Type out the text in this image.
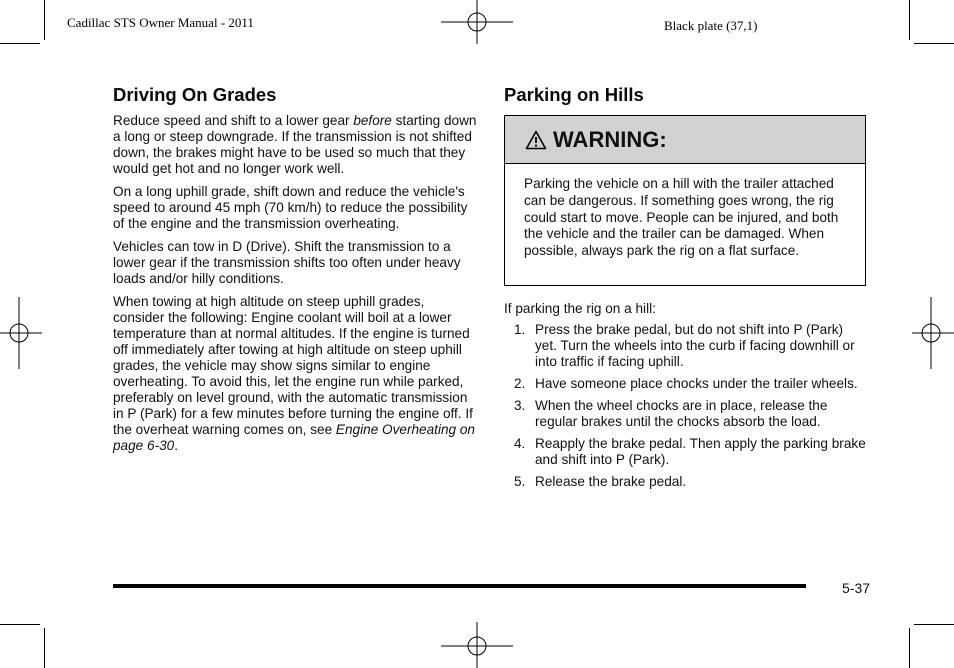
Cadillac STS Owner Manual - 2011	Black plate (37,1)
Driving On Grades

Reduce speed and shift to a lower gear before starting down a long or steep downgrade. If the transmission is not shifted down, the brakes might have to be used so much that they would get hot and no longer work well.

On a long uphill grade, shift down and reduce the vehicle's speed to around 45 mph (70 km/h) to reduce the possibility of the engine and the transmission overheating.

Vehicles can tow in D (Drive). Shift the transmission to a lower gear if the transmission shifts too often under heavy loads and/or hilly conditions.

When towing at high altitude on steep uphill grades, consider the following: Engine coolant will boil at a lower temperature than at normal altitudes. If the engine is turned off immediately after towing at high altitude on steep uphill grades, the vehicle may show signs similar to engine overheating. To avoid this, let the engine run while parked, preferably on level ground, with the automatic transmission in P (Park) for a few minutes before turning the engine off. If the overheat warning comes on, see Engine Overheating on page 6-30.

Parking on Hills
WARNING:
Parking the vehicle on a hill with the trailer attached can be dangerous. If something goes wrong, the rig could start to move. People can be injured, and both the vehicle and the trailer can be damaged. When possible, always park the rig on a flat surface.

If parking the rig on a hill:

1. Press the brake pedal, but do not shift into P (Park) yet. Turn the wheels into the curb if facing downhill or into traffic if facing uphill.
2. Have someone place chocks under the trailer wheels.
3. When the wheel chocks are in place, release the regular brakes until the chocks absorb the load.
4. Reapply the brake pedal. Then apply the parking brake and shift into P (Park).
5. Release the brake pedal.
5-37
